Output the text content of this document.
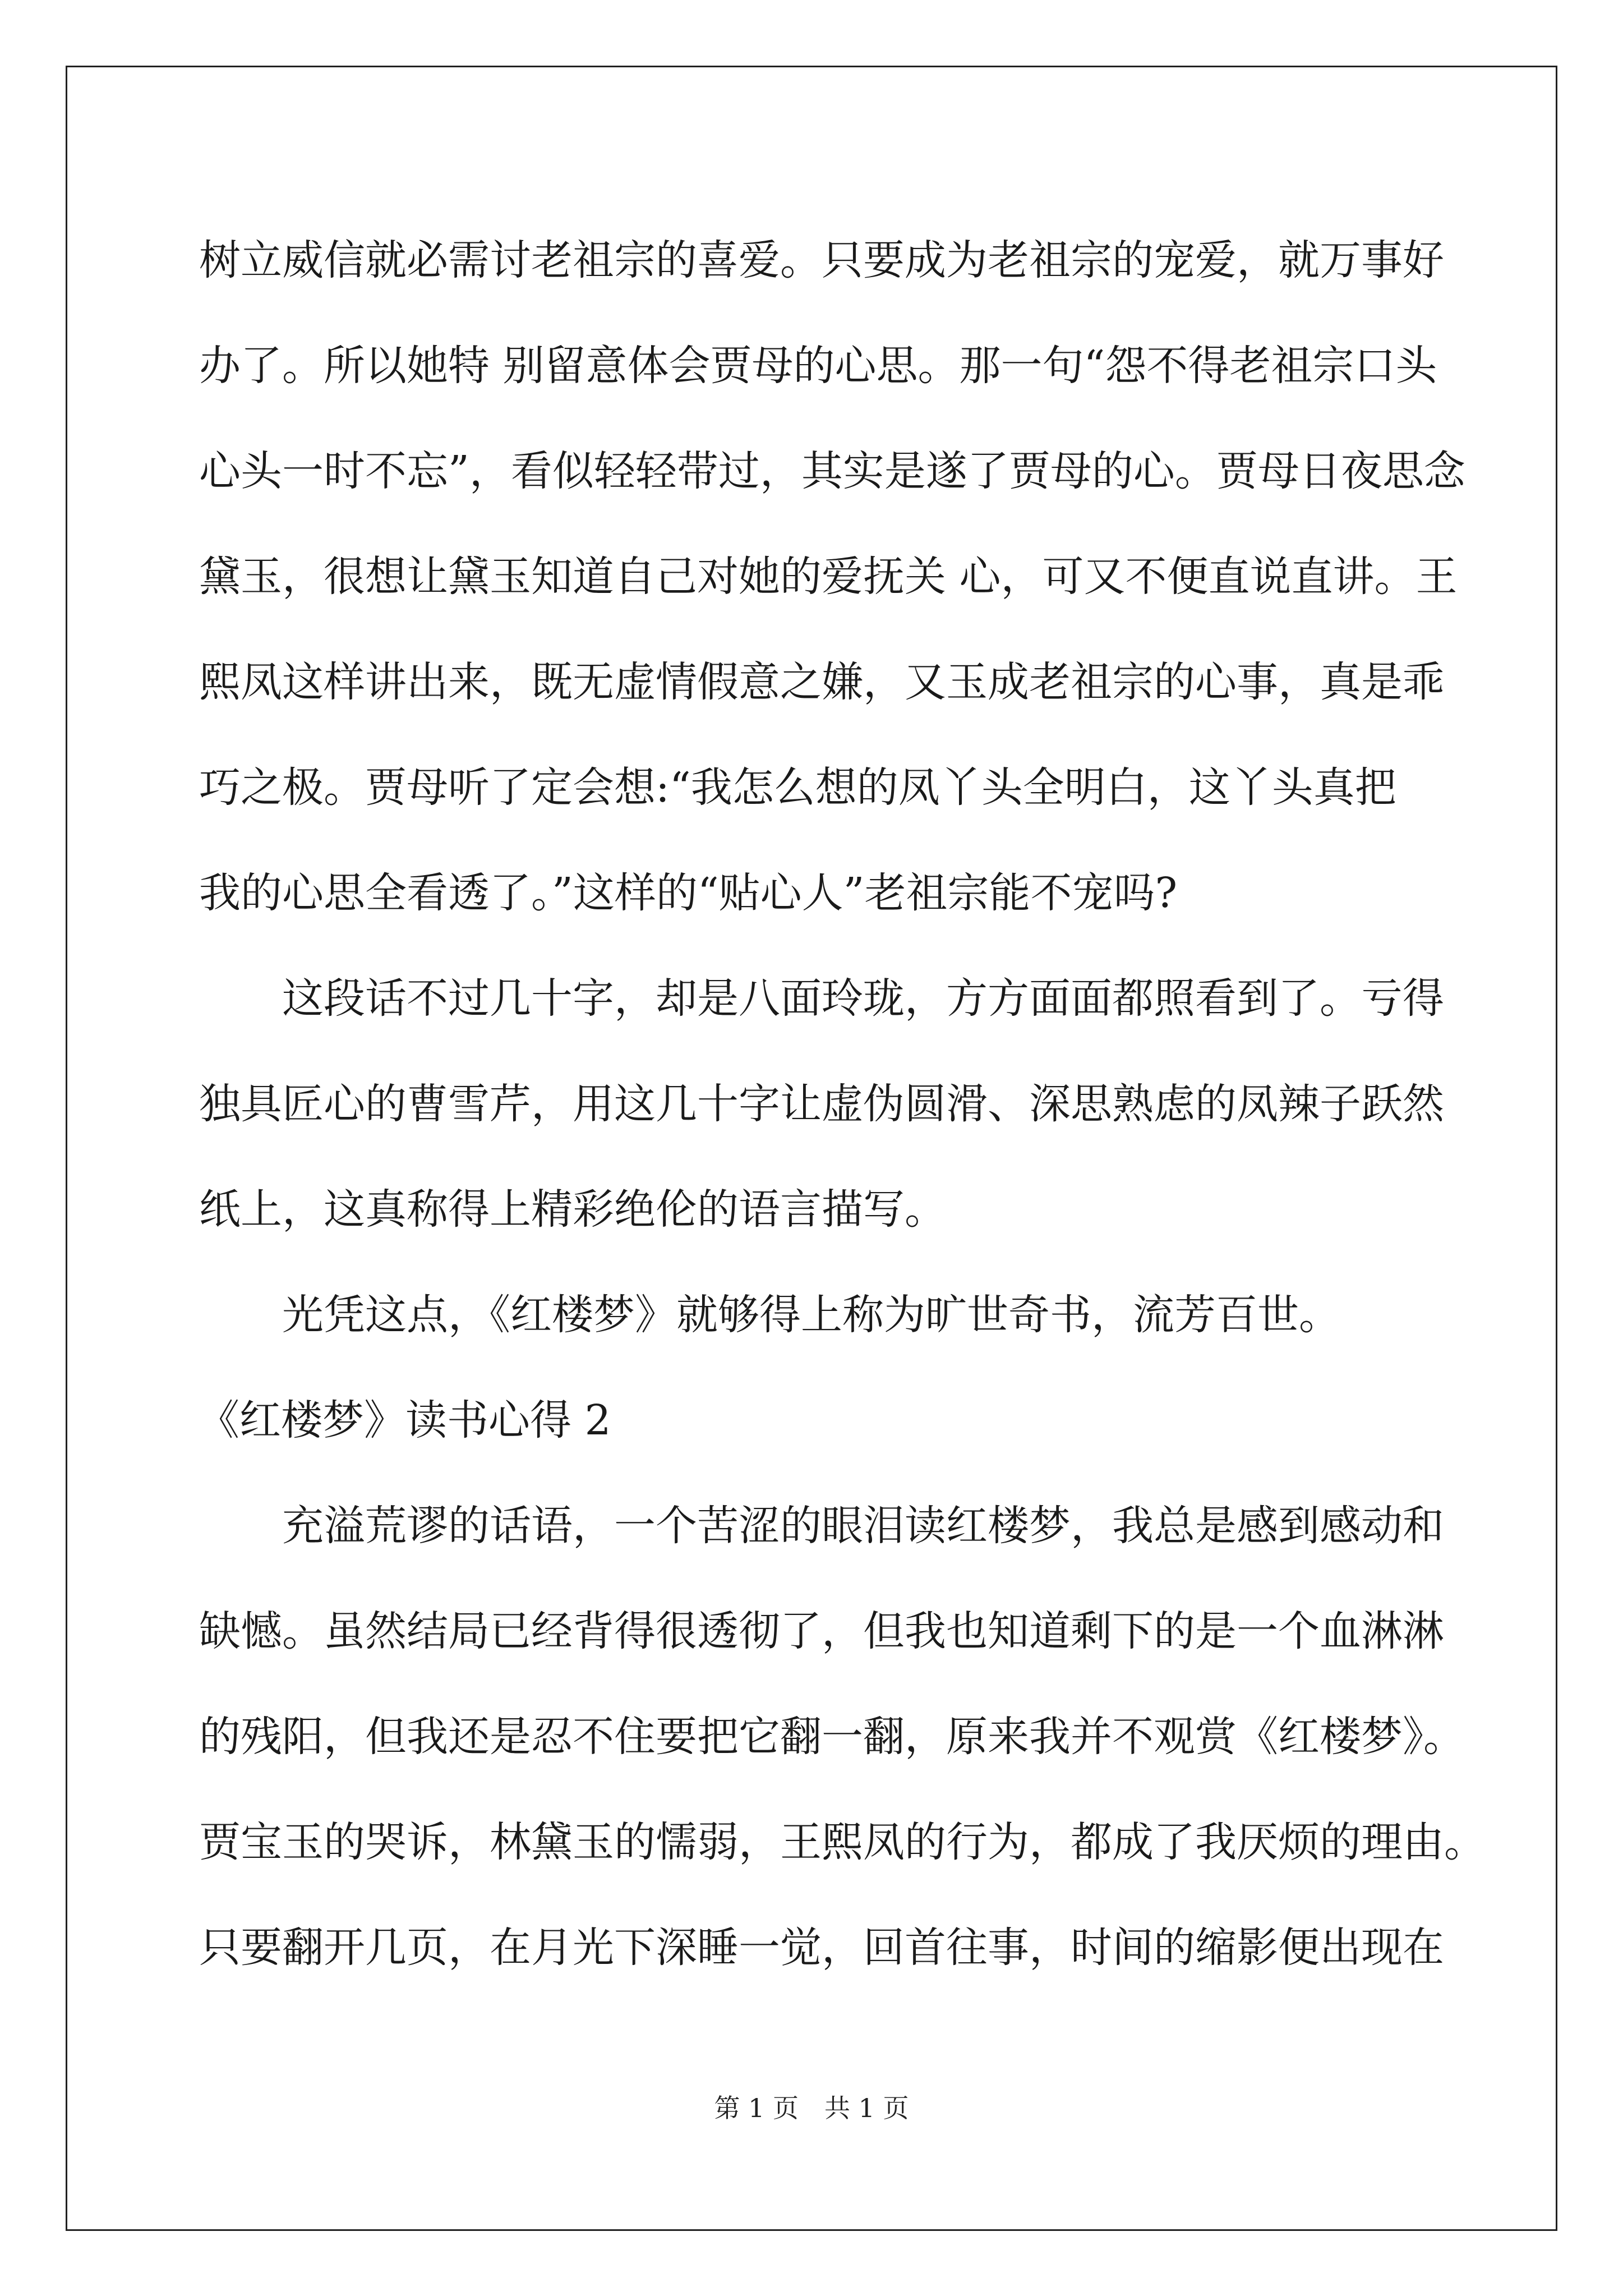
树立威信就必需讨老祖宗的喜爱。只要成为老祖宗的宠爱，就万事好
办了。所以她特 别留意体会贾母的心思。那一句“怨不得老祖宗口头
心头一时不忘”，看似轻轻带过，其实是遂了贾母的心。贾母日夜思念
黛玉，很想让黛玉知道自己对她的爱抚关 心，可又不便直说直讲。王
熙凤这样讲出来，既无虚情假意之嫌，又玉成老祖宗的心事，真是乖
巧之极。贾母听了定会想:“我怎么想的凤丫头全明白，这丫头真把
我的心思全看透了。”这样的“贴心人”老祖宗能不宠吗?
这段话不过几十字，却是八面玲珑，方方面面都照看到了。亏得
独具匠心的曹雪芹，用这几十字让虚伪圆滑、深思熟虑的凤辣子跃然
纸上，这真称得上精彩绝伦的语言描写。
光凭这点，《红楼梦》就够得上称为旷世奇书，流芳百世。
《红楼梦》读书心得 2
充溢荒谬的话语，一个苦涩的眼泪读红楼梦，我总是感到感动和
缺憾。虽然结局已经背得很透彻了，但我也知道剩下的是一个血淋淋
的残阳，但我还是忍不住要把它翻一翻，原来我并不观赏《红楼梦》。
贾宝玉的哭诉，林黛玉的懦弱，王熙凤的行为，都成了我厌烦的理由。
只要翻开几页，在月光下深睡一觉，回首往事，时间的缩影便出现在
第 1 页　共 1 页
